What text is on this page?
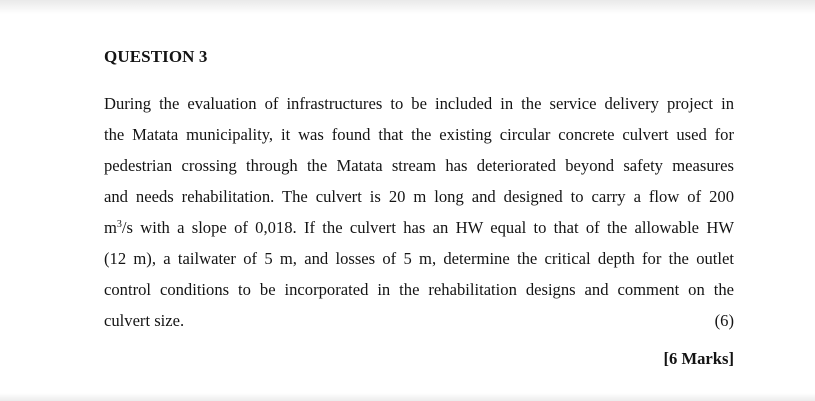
QUESTION 3
During the evaluation of infrastructures to be included in the service delivery project in
the Matata municipality, it was found that the existing circular concrete culvert used for
pedestrian crossing through the Matata stream has deteriorated beyond safety measures
and needs rehabilitation. The culvert is 20 m long and designed to carry a flow of 200
$m^3/s$ with a slope of 0,018. If the culvert has an HW equal to that of the allowable HW
(12 m), a tailwater of 5 m, and losses of 5 m, determine the critical depth for the outlet
control conditions to be incorporated in the rehabilitation designs and comment on the
culvert size.	(6)
[6 Marks]
